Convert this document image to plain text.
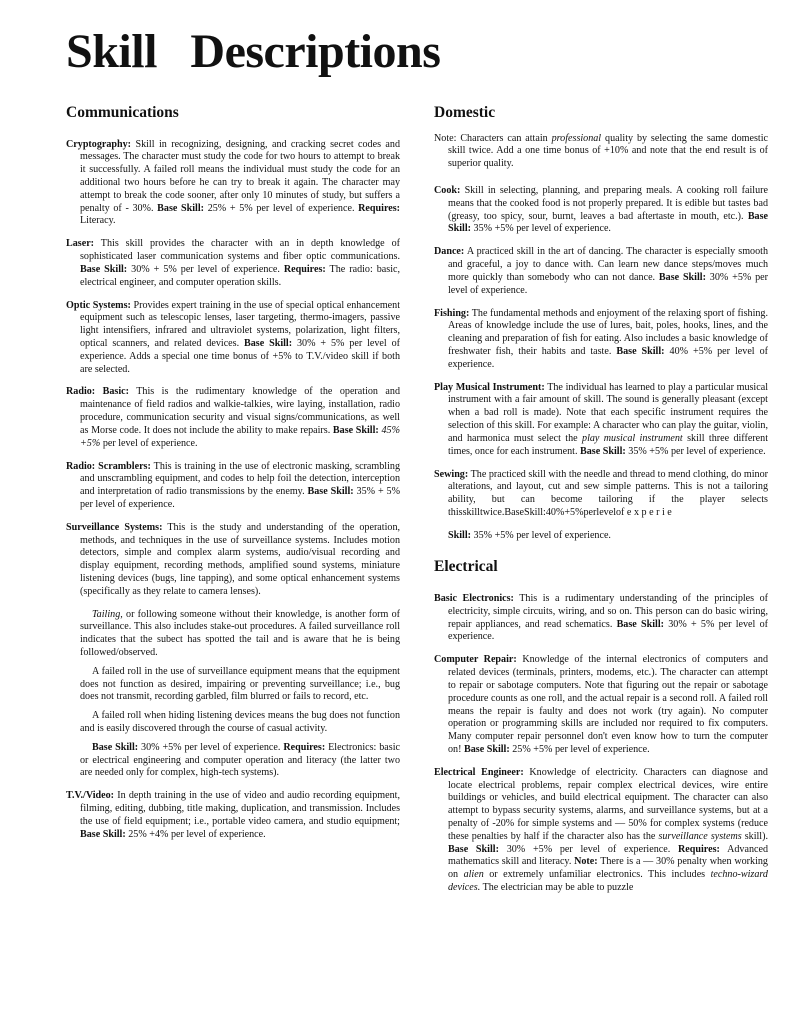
Skill Descriptions
Communications

Cryptography: Skill in recognizing, designing, and cracking secret codes and messages. The character must study the code for two hours to attempt to break it successfully. A failed roll means the individual must study the code for an additional two hours before he can try to break it again. The character may attempt to break the code sooner, after only 10 minutes of study, but suffers a penalty of - 30%. Base Skill: 25% + 5% per level of experience. Requires: Literacy.

Laser: This skill provides the character with an in depth knowledge of sophisticated laser communication systems and fiber optic communications. Base Skill: 30% + 5% per level of experience. Requires: The radio: basic, electrical engineer, and computer operation skills.

Optic Systems: Provides expert training in the use of special optical enhancement equipment such as telescopic lenses, laser targeting, thermo-imagers, passive light intensifiers, infrared and ultraviolet systems, polarization, light filters, optical scanners, and related devices. Base Skill: 30% + 5% per level of experience. Adds a special one time bonus of +5% to T.V./video skill if both are selected.

Radio: Basic: This is the rudimentary knowledge of the operation and maintenance of field radios and walkie-talkies, wire laying, installation, radio procedure, communication security and visual signs/communications, as well as Morse code. It does not include the ability to make repairs. Base Skill: 45% +5% per level of experience.

Radio: Scramblers: This is training in the use of electronic masking, scrambling and unscrambling equipment, and codes to help foil the detection, interception and interpretation of radio transmissions by the enemy. Base Skill: 35% + 5% per level of experience.

Surveillance Systems: This is the study and understanding of the operation, methods, and techniques in the use of surveillance systems. Includes motion detectors, simple and complex alarm systems, audio/visual recording and display equipment, recording methods, amplified sound systems, miniature listening devices (bugs, line tapping), and some optical enhancement systems (specifically as they relate to camera lenses).

Tailing, or following someone without their knowledge, is another form of surveillance. This also includes stake-out procedures. A failed surveillance roll indicates that the subect has spotted the tail and is aware that he is being followed/observed.

A failed roll in the use of surveillance equipment means that the equipment does not function as desired, impairing or preventing surveillance; i.e., bug does not transmit, recording garbled, film blurred or fails to record, etc.

A failed roll when hiding listening devices means the bug does not function and is easily discovered through the course of casual activity.

Base Skill: 30% +5% per level of experience. Requires: Electronics: basic or electrical engineering and computer operation and literacy (the latter two are needed only for complex, high-tech systems).

T.V./Video: In depth training in the use of video and audio recording equipment, filming, editing, dubbing, title making, duplication, and transmission. Includes the use of field equipment; i.e., portable video camera, and studio equipment; Base Skill: 25% +4% per level of experience.

Domestic

Note: Characters can attain professional quality by selecting the same domestic skill twice. Add a one time bonus of +10% and note that the end result is of superior quality.

Cook: Skill in selecting, planning, and preparing meals. A cooking roll failure means that the cooked food is not properly prepared. It is edible but tastes bad (greasy, too spicy, sour, burnt, leaves a bad aftertaste in mouth, etc.). Base Skill: 35% +5% per level of experience.

Dance: A practiced skill in the art of dancing. The character is especially smooth and graceful, a joy to dance with. Can learn new dance steps/moves much more quickly than somebody who can not dance. Base Skill: 30% +5% per level of experience.

Fishing: The fundamental methods and enjoyment of the relaxing sport of fishing. Areas of knowledge include the use of lures, bait, poles, hooks, lines, and the cleaning and preparation of fish for eating. Also includes a basic knowledge of freshwater fish, their habits and taste. Base Skill: 40% +5% per level of experience.

Play Musical Instrument: The individual has learned to play a particular musical instrument with a fair amount of skill. The sound is generally pleasant (except when a bad roll is made). Note that each specific instrument requires the selection of this skill. For example: A character who can play the guitar, violin, and harmonica must select the play musical instrument skill three different times, once for each instrument. Base Skill: 35% +5% per level of experience.

Sewing: The practiced skill with the needle and thread to mend clothing, do minor alterations, and layout, cut and sew simple patterns. This is not a tailoring ability, but can become tailoring if the player selects thisskilltwice.BaseSkill:40%+5%perlevelof e x p e r i e

Skill: 35% +5% per level of experience.

Electrical

Basic Electronics: This is a rudimentary understanding of the principles of electricity, simple circuits, wiring, and so on. This person can do basic wiring, repair appliances, and read schematics. Base Skill: 30% + 5% per level of experience.

Computer Repair: Knowledge of the internal electronics of computers and related devices (terminals, printers, modems, etc.). The character can attempt to repair or sabotage computers. Note that figuring out the repair or sabotage procedure counts as one roll, and the actual repair is a second roll. A failed roll means the repair is faulty and does not work (try again). No computer operation or programming skills are included nor required to fix computers. Many computer repair personnel don't even know how to turn the computer on! Base Skill: 25% +5% per level of experience.

Electrical Engineer: Knowledge of electricity. Characters can diagnose and locate electrical problems, repair complex electrical devices, wire entire buildings or vehicles, and build electrical equipment. The character can also attempt to bypass security systems, alarms, and surveillance systems, but at a penalty of -20% for simple systems and — 50% for complex systems (reduce these penalties by half if the character also has the surveillance systems skill). Base Skill: 30% +5% per level of experience. Requires: Advanced mathematics skill and literacy. Note: There is a — 30% penalty when working on alien or extremely unfamiliar electronics. This includes techno-wizard devices. The electrician may be able to puzzle
